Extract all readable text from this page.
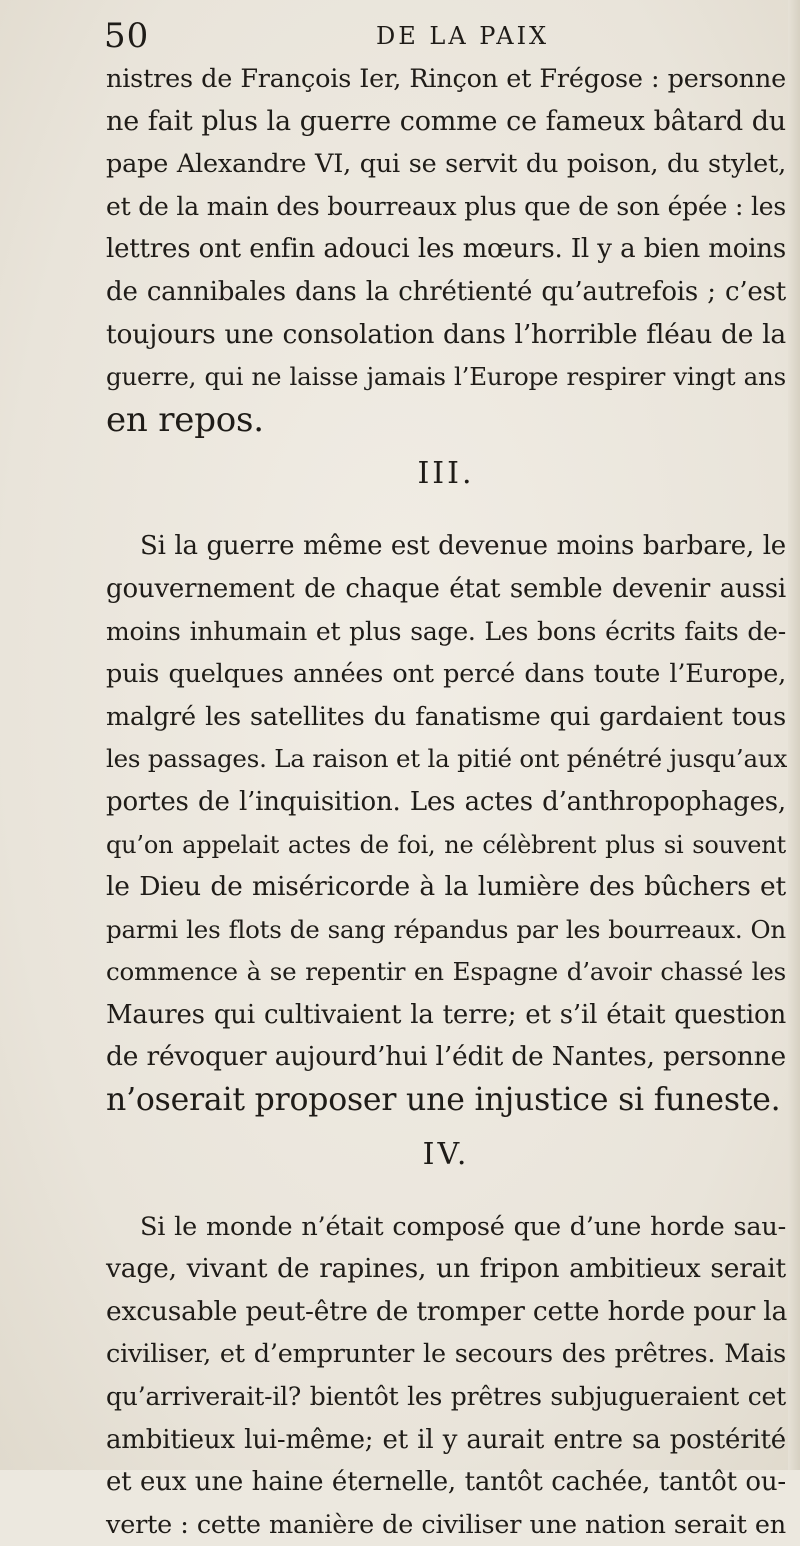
50	DE LA PAIX
nistres de François Ier, Rinçon et Frégose : personne
ne fait plus la guerre comme ce fameux bâtard du
pape Alexandre VI, qui se servit du poison, du stylet,
et de la main des bourreaux plus que de son épée : les
lettres ont enfin adouci les mœurs. Il y a bien moins
de cannibales dans la chrétienté qu’autrefois ; c’est
toujours une consolation dans l’horrible fléau de la
guerre, qui ne laisse jamais l’Europe respirer vingt ans
en repos.
III.
Si la guerre même est devenue moins barbare, le
gouvernement de chaque état semble devenir aussi
moins inhumain et plus sage. Les bons écrits faits de-
puis quelques années ont percé dans toute l’Europe,
malgré les satellites du fanatisme qui gardaient tous
les passages. La raison et la pitié ont pénétré jusqu’aux
portes de l’inquisition. Les actes d’anthropophages,
qu’on appelait actes de foi, ne célèbrent plus si souvent
le Dieu de miséricorde à la lumière des bûchers et
parmi les flots de sang répandus par les bourreaux. On
commence à se repentir en Espagne d’avoir chassé les
Maures qui cultivaient la terre; et s’il était question
de révoquer aujourd’hui l’édit de Nantes, personne
n’oserait proposer une injustice si funeste.
IV.
Si le monde n’était composé que d’une horde sau-
vage, vivant de rapines, un fripon ambitieux serait
excusable peut-être de tromper cette horde pour la
civiliser, et d’emprunter le secours des prêtres. Mais
qu’arriverait-il? bientôt les prêtres subjugueraient cet
ambitieux lui-même; et il y aurait entre sa postérité
et eux une haine éternelle, tantôt cachée, tantôt ou-
verte : cette manière de civiliser une nation serait en
